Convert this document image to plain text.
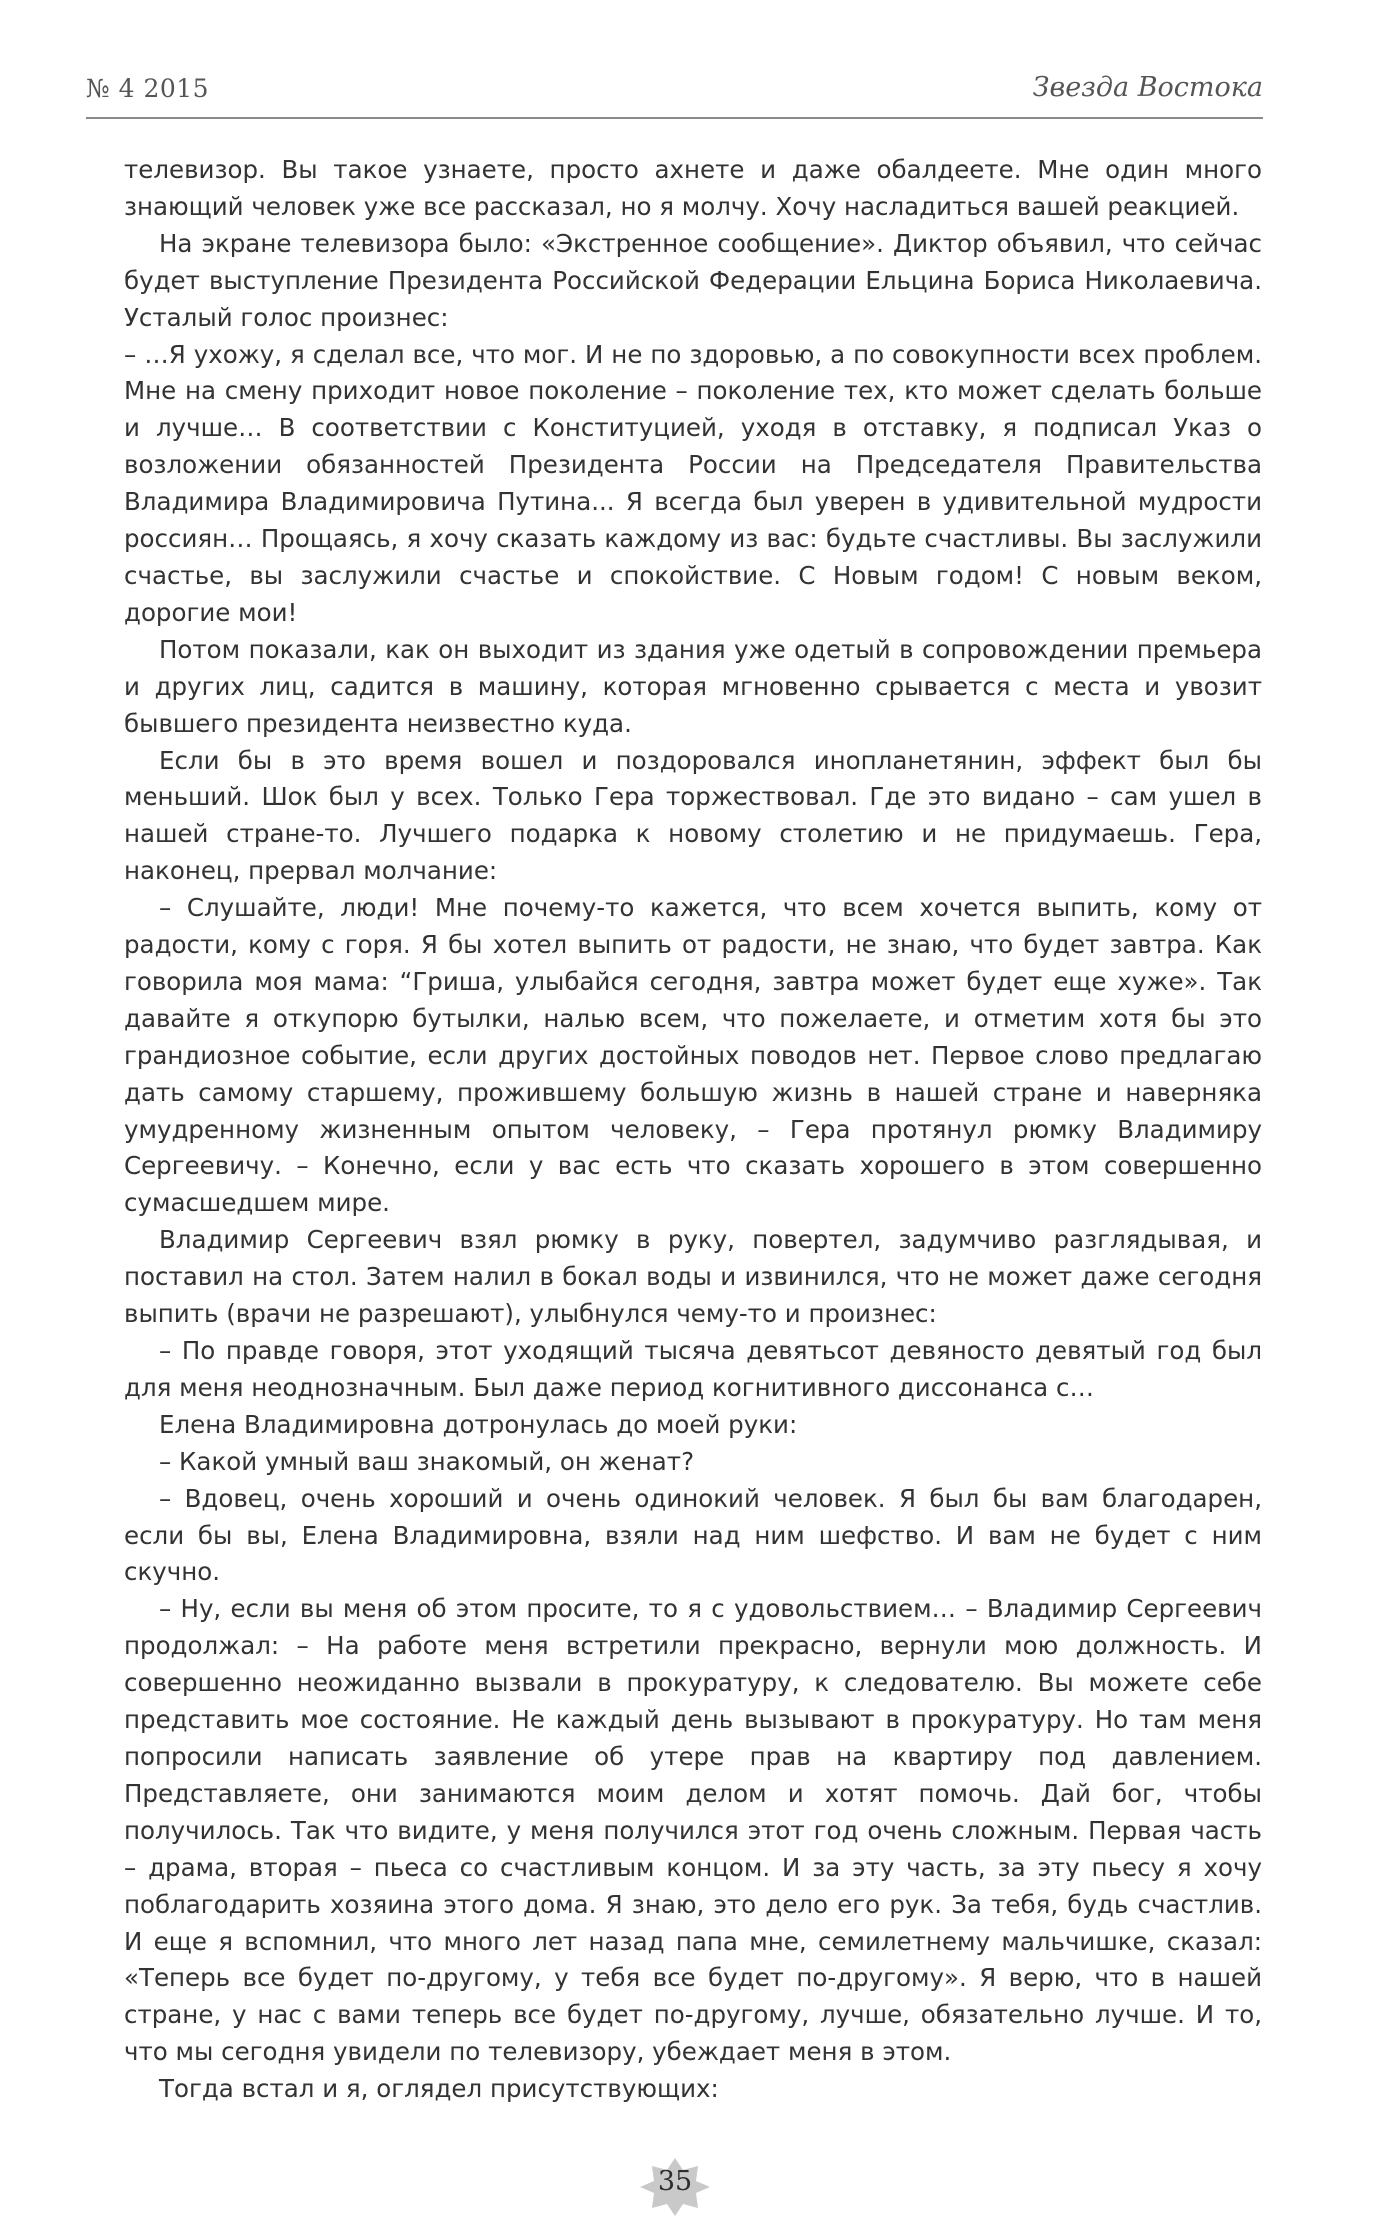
№ 4 2015	Звезда Востока

телевизор. Вы такое узнаете, просто ахнете и даже обалдеете. Мне один много знающий человек уже все рассказал, но я молчу. Хочу насладиться вашей реакцией.

На экране телевизора было: «Экстренное сообщение». Диктор объявил, что сейчас будет выступление Президента Российской Федерации Ельцина Бориса Николаевича. Усталый голос произнес:

– …Я ухожу, я сделал все, что мог. И не по здоровью, а по совокупности всех проблем. Мне на смену приходит новое поколение – поколение тех, кто может сделать больше и лучше… В соответствии с Конституцией, уходя в отставку, я подписал Указ о возложении обязанностей Президента России на Председателя Правительства Владимира Владимировича Путина... Я всегда был уверен в удивительной мудрости россиян… Прощаясь, я хочу сказать каждому из вас: будьте счастливы. Вы заслужили счастье, вы заслужили счастье и спокойствие. С Новым годом! С новым веком, дорогие мои!

Потом показали, как он выходит из здания уже одетый в сопровождении премьера и других лиц, садится в машину, которая мгновенно срывается с места и увозит бывшего президента неизвестно куда.

Если бы в это время вошел и поздоровался инопланетянин, эффект был бы меньший. Шок был у всех. Только Гера торжествовал. Где это видано – сам ушел в нашей стране-то. Лучшего подарка к новому столетию и не придумаешь. Гера, наконец, прервал молчание:

– Слушайте, люди! Мне почему-то кажется, что всем хочется выпить, кому от радости, кому с горя. Я бы хотел выпить от радости, не знаю, что будет завтра. Как говорила моя мама: “Гриша, улыбайся сегодня, завтра может будет еще хуже». Так давайте я откупорю бутылки, налью всем, что пожелаете, и отметим хотя бы это грандиозное событие, если других достойных поводов нет. Первое слово предлагаю дать самому старшему, прожившему большую жизнь в нашей стране и наверняка умудренному жизненным опытом человеку, – Гера протянул рюмку Владимиру Сергеевичу. – Конечно, если у вас есть что сказать хорошего в этом совершенно сумасшедшем мире.

Владимир Сергеевич взял рюмку в руку, повертел, задумчиво разглядывая, и поставил на стол. Затем налил в бокал воды и извинился, что не может даже сегодня выпить (врачи не разрешают), улыбнулся чему-то и произнес:

– По правде говоря, этот уходящий тысяча девятьсот девяносто девятый год был для меня неоднозначным. Был даже период когнитивного диссонанса с…

Елена Владимировна дотронулась до моей руки:

– Какой умный ваш знакомый, он женат?

– Вдовец, очень хороший и очень одинокий человек. Я был бы вам благодарен, если бы вы, Елена Владимировна, взяли над ним шефство. И вам не будет с ним скучно.

– Ну, если вы меня об этом просите, то я с удовольствием… – Владимир Сергеевич продолжал: – На работе меня встретили прекрасно, вернули мою должность. И совершенно неожиданно вызвали в прокуратуру, к следователю. Вы можете себе представить мое состояние. Не каждый день вызывают в прокуратуру. Но там меня попросили написать заявление об утере прав на квартиру под давлением. Представляете, они занимаются моим делом и хотят помочь. Дай бог, чтобы получилось. Так что видите, у меня получился этот год очень сложным. Первая часть – драма, вторая – пьеса со счастливым концом. И за эту часть, за эту пьесу я хочу поблагодарить хозяина этого дома. Я знаю, это дело его рук. За тебя, будь счастлив. И еще я вспомнил, что много лет назад папа мне, семилетнему мальчишке, сказал: «Теперь все будет по-другому, у тебя все будет по-другому». Я верю, что в нашей стране, у нас с вами теперь все будет по-другому, лучше, обязательно лучше. И то, что мы сегодня увидели по телевизору, убеждает меня в этом.

Тогда встал и я, оглядел присутствующих:

35
